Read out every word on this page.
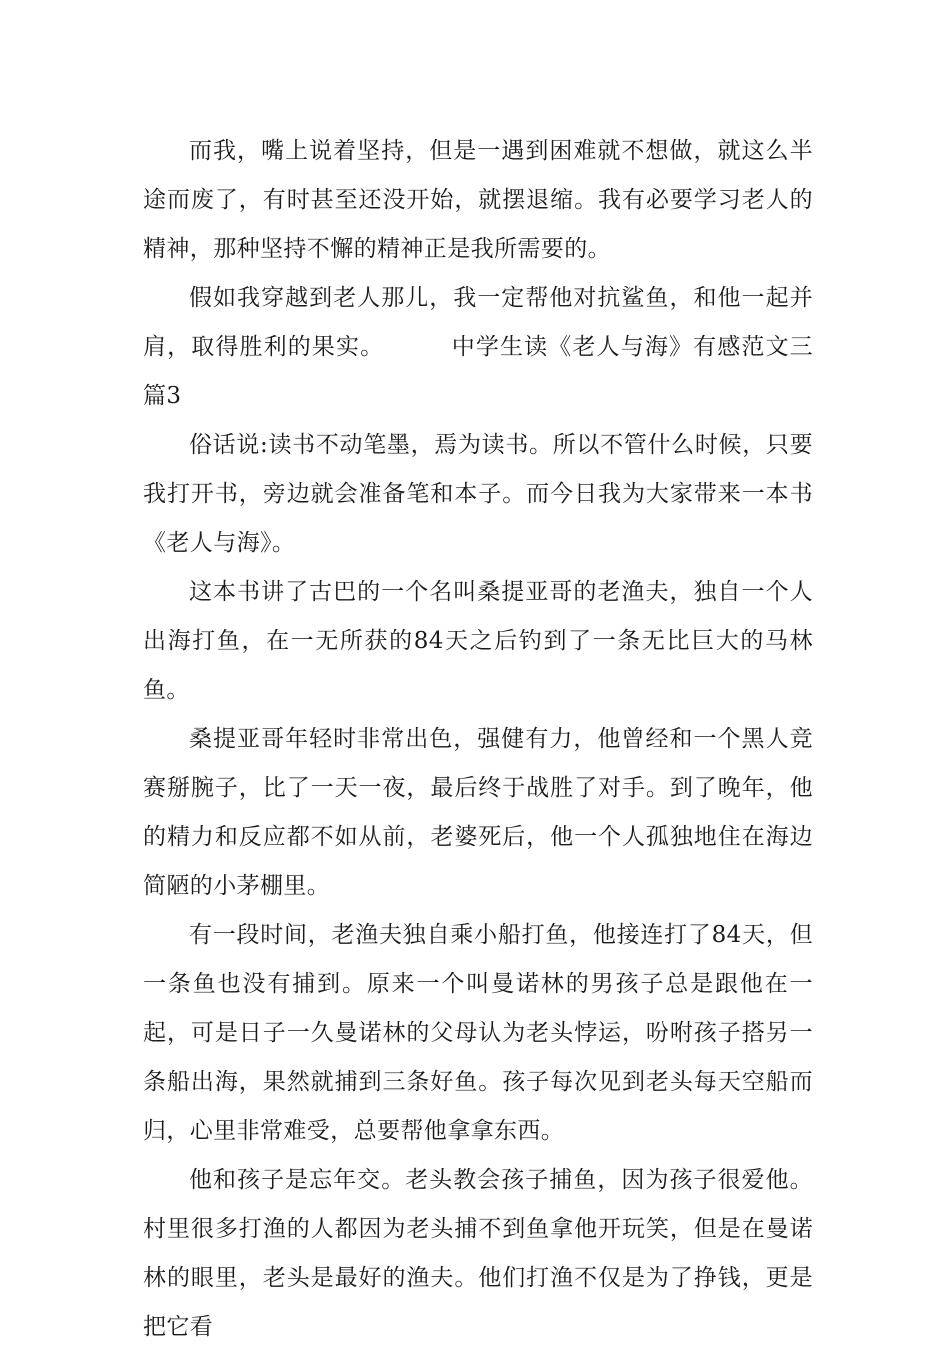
而我，嘴上说着坚持，但是一遇到困难就不想做，就这么半途而废了，有时甚至还没开始，就摆退缩。我有必要学习老人的精神，那种坚持不懈的精神正是我所需要的。

假如我穿越到老人那儿，我一定帮他对抗鲨鱼，和他一起并肩，取得胜利的果实。        中学生读《老人与海》有感范文三篇3

俗话说:读书不动笔墨，焉为读书。所以不管什么时候，只要我打开书，旁边就会准备笔和本子。而今日我为大家带来一本书《老人与海》。

这本书讲了古巴的一个名叫桑提亚哥的老渔夫，独自一个人出海打鱼，在一无所获的84天之后钓到了一条无比巨大的马林鱼。

桑提亚哥年轻时非常出色，强健有力，他曾经和一个黑人竞赛掰腕子，比了一天一夜，最后终于战胜了对手。到了晚年，他的精力和反应都不如从前，老婆死后，他一个人孤独地住在海边简陋的小茅棚里。

有一段时间，老渔夫独自乘小船打鱼，他接连打了84天，但一条鱼也没有捕到。原来一个叫曼诺林的男孩子总是跟他在一起，可是日子一久曼诺林的父母认为老头悖运，吩咐孩子搭另一条船出海，果然就捕到三条好鱼。孩子每次见到老头每天空船而归，心里非常难受，总要帮他拿拿东西。

他和孩子是忘年交。老头教会孩子捕鱼，因为孩子很爱他。村里很多打渔的人都因为老头捕不到鱼拿他开玩笑，但是在曼诺林的眼里，老头是最好的渔夫。他们打渔不仅是为了挣钱，更是把它看
